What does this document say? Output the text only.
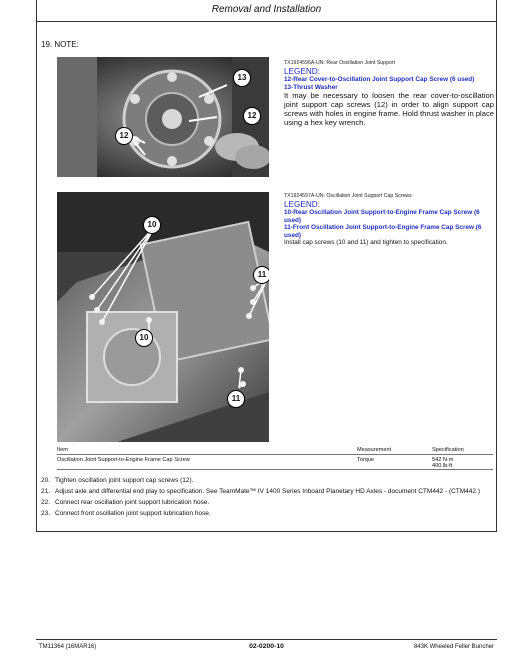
Removal and Installation
19. NOTE:
13
12
12
TX1924596A-UN: Rear Oscillation Joint Support
LEGEND:
12-Rear Cover-to-Oscillation Joint Support Cap Screw (6 used)
13-Thrust Washer
It may be necessary to loosen the rear cover-to-oscillation joint support cap screws (12) in order to align support cap screws with holes in engine frame. Hold thrust washer in place using a hex key wrench.
10
11
10
11
TX1924597A-UN: Oscillation Joint Support Cap Screws
LEGEND:
10-Rear Oscillation Joint Support-to-Engine Frame Cap Screw (6 used)
11-Front Oscillation Joint Support-to-Engine Frame Cap Screw (6 used)
Install cap screws (10 and 11) and tighten to specification.
Item	Measurement	Specification
Oscillation Joint Support-to-Engine Frame Cap Screw	Torque	542 N·m
400 lb-ft
20. Tighten oscillation joint support cap screws (12).
21. Adjust axle and differential end play to specification. See TeamMate™ IV 1400 Series Inboard Planetary HD Axles - document CTM442 - (CTM442.)
22. Connect rear oscillation joint support lubrication hose.
23. Connect front oscillation joint support lubrication hose.
TM11364 (16MAR16)	02-0200-10	843K Wheeled Feller Buncher
